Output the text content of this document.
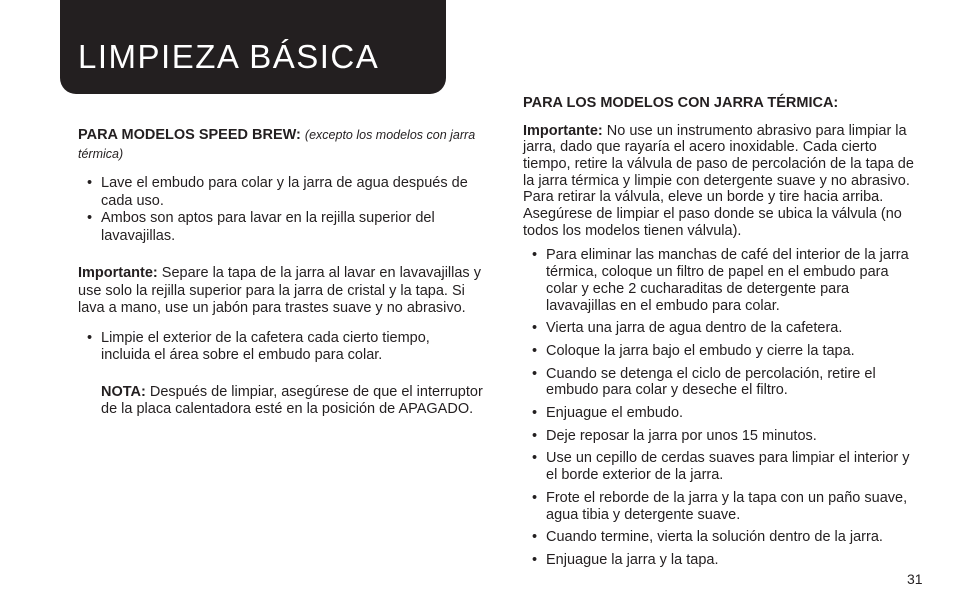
LIMPIEZA BÁSICA

PARA MODELOS SPEED BREW: (excepto los modelos con jarra térmica)

• Lave el embudo para colar y la jarra de agua después de cada uso.
• Ambos son aptos para lavar en la rejilla superior del lavavajillas.

Importante: Separe la tapa de la jarra al lavar en lavavajillas y use solo la rejilla superior para la jarra de cristal y la tapa. Si lava a mano, use un jabón para trastes suave y no abrasivo.

• Limpie el exterior de la cafetera cada cierto tiempo, incluida el área sobre el embudo para colar.

NOTA: Después de limpiar, asegúrese de que el interruptor de la placa calentadora esté en la posición de APAGADO.

PARA LOS MODELOS CON JARRA TÉRMICA:

Importante: No use un instrumento abrasivo para limpiar la jarra, dado que rayaría el acero inoxidable. Cada cierto tiempo, retire la válvula de paso de percolación de la tapa de la jarra térmica y limpie con detergente suave y no abrasivo. Para retirar la válvula, eleve un borde y tire hacia arriba. Asegúrese de limpiar el paso donde se ubica la válvula (no todos los modelos tienen válvula).

• Para eliminar las manchas de café del interior de la jarra térmica, coloque un filtro de papel en el embudo para colar y eche 2 cucharaditas de detergente para lavavajillas en el embudo para colar.
• Vierta una jarra de agua dentro de la cafetera.
• Coloque la jarra bajo el embudo y cierre la tapa.
• Cuando se detenga el ciclo de percolación, retire el embudo para colar y deseche el filtro.
• Enjuague el embudo.
• Deje reposar la jarra por unos 15 minutos.
• Use un cepillo de cerdas suaves para limpiar el interior y el borde exterior de la jarra.
• Frote el reborde de la jarra y la tapa con un paño suave, agua tibia y detergente suave.
• Cuando termine, vierta la solución dentro de la jarra.
• Enjuague la jarra y la tapa.
31
